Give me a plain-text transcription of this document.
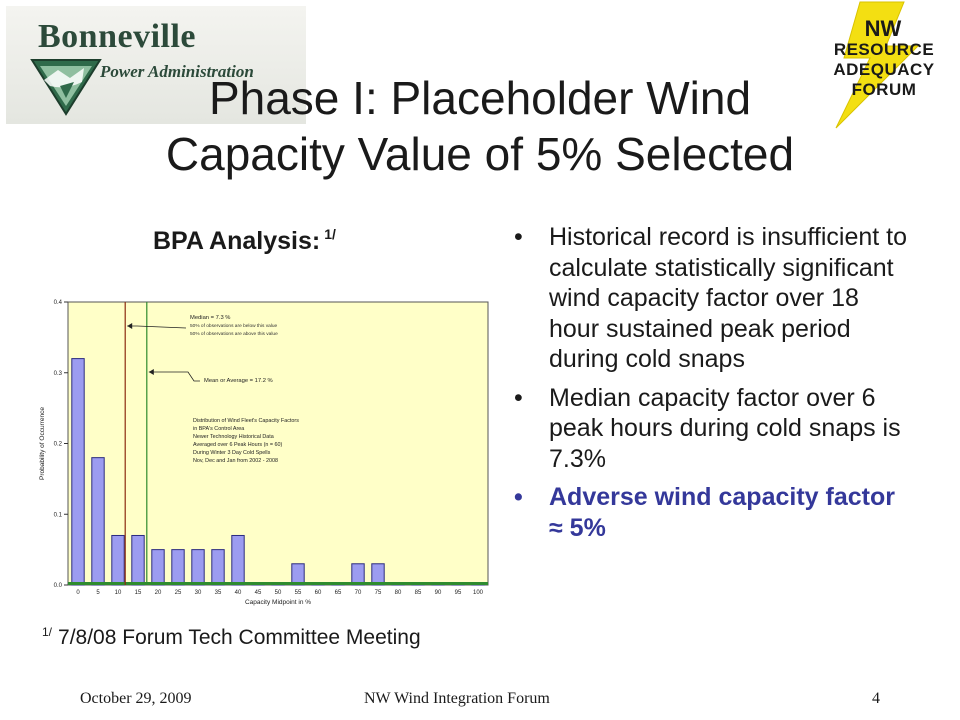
Bonneville
Power Administration
NW
RESOURCE
ADEQUACY
FORUM
Phase I: Placeholder Wind
Capacity Value of 5% Selected
BPA Analysis: $^{1/}$
0.0
0.1
0.2
0.3
0.4
0	5 10 15 20 25 30 35 40 45 50 55 60 65 70 75 80 85 90 95 100
Capacity Midpoint in %
Probability of Occurrence
Median = 7.3 %
50% of observations are below this value
50% of observations are above this value
Mean or Average = 17.2 %
Distribution of Wind Fleet's Capacity Factors
in BPA's Control Area
Newer Technology Historical Data
Averaged over 6 Peak Hours (n = 60)
During Winter 3 Day Cold Spells
Nov, Dec and Jan from 2002 - 2008
$^{1/}$ 7/8/08 Forum Tech Committee Meeting
• Historical record is insufficient to calculate statistically significant wind capacity factor over 18 hour sustained peak period during cold snaps
• Median capacity factor over 6 peak hours during cold snaps is 7.3%
• Adverse wind capacity factor ≈ 5%
October 29, 2009	NW Wind Integration Forum	4
